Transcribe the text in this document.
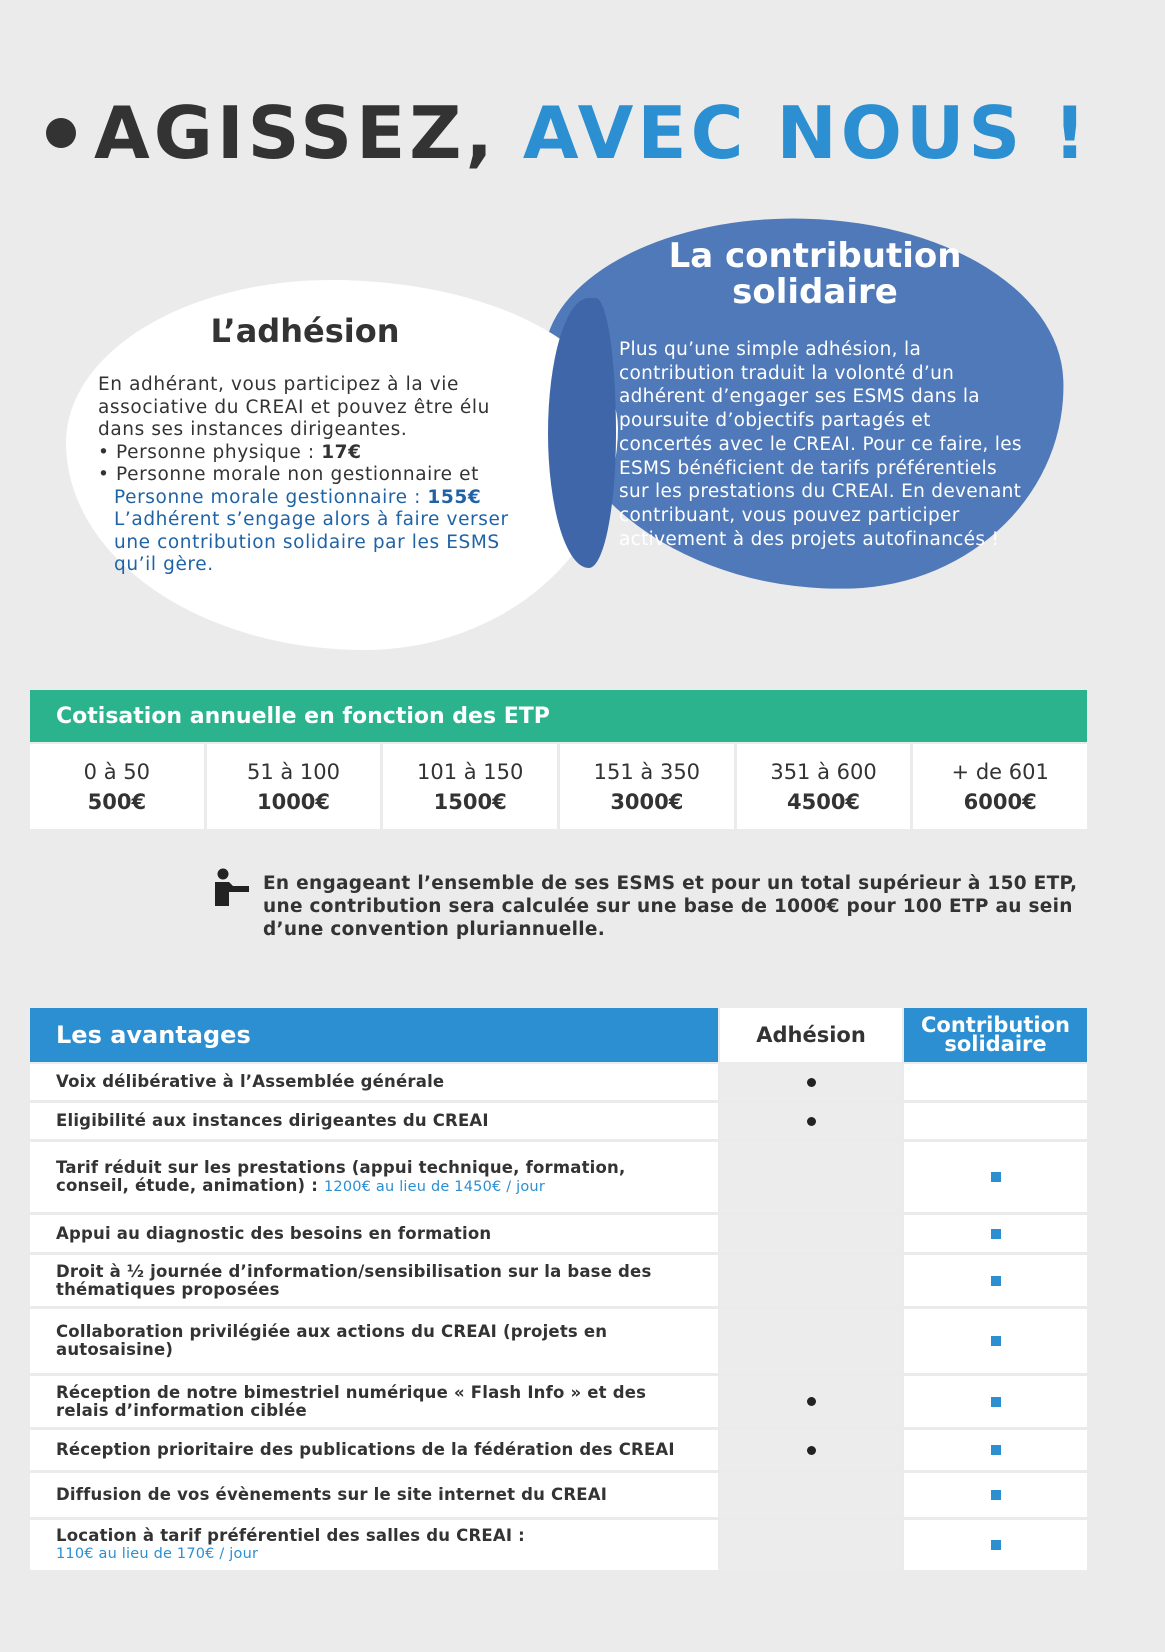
AGISSEZ, AVEC NOUS !
L’adhésion
En adhérant, vous participez à la vie associative du CREAI et pouvez être élu dans ses instances dirigeantes.
• Personne physique : 17€
• Personne morale non gestionnaire et
Personne morale gestionnaire : 155€
L’adhérent s’engage alors à faire verser une contribution solidaire par les ESMS qu’il gère.
La contribution
solidaire
Plus qu’une simple adhésion, la contribution traduit la volonté d’un adhérent d’engager ses ESMS dans la poursuite d’objectifs partagés et concertés avec le CREAI. Pour ce faire, les ESMS bénéficient de tarifs préférentiels sur les prestations du CREAI. En devenant contribuant, vous pouvez participer activement à des projets autofinancés !
Cotisation annuelle en fonction des ETP
0 à 50
500€
51 à 100
1000€
101 à 150
1500€
151 à 350
3000€
351 à 600
4500€
+ de 601
6000€
En engageant l’ensemble de ses ESMS et pour un total supérieur à 150 ETP, une contribution sera calculée sur une base de 1000€ pour 100 ETP au sein d’une convention pluriannuelle.
Les avantages	Adhésion	Contribution
solidaire
Voix délibérative à l’Assemblée générale
Eligibilité aux instances dirigeantes du CREAI
Tarif réduit sur les prestations (appui technique, formation, conseil, étude, animation) : 1200€ au lieu de 1450€ / jour
Appui au diagnostic des besoins en formation
Droit à ½ journée d’information/sensibilisation sur la base des thématiques proposées
Collaboration privilégiée aux actions du CREAI (projets en autosaisine)
Réception de notre bimestriel numérique « Flash Info » et des relais d’information ciblée
Réception prioritaire des publications de la fédération des CREAI
Diffusion de vos évènements sur le site internet du CREAI
Location à tarif préférentiel des salles du CREAI :
110€ au lieu de 170€ / jour
